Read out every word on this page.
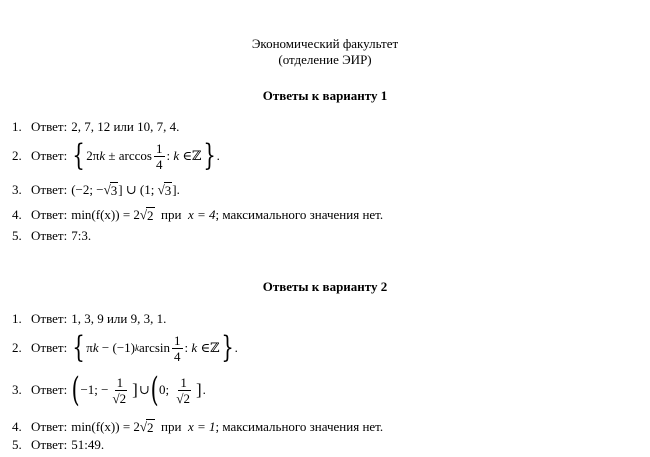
Экономический факультет
(отделение ЭИР)
Ответы к варианту 1
1. Ответ: 2, 7, 12 или 10, 7, 4.
2. Ответ: { 2 π $k \pm \arccos \frac{1}{4}$ :
k
∈ ℤ } .
3. Ответ: (−2; − √ 3 ] ∪ (1; √ 3 ].
4. Ответ: min(f(x)) = 2 √ 2
при
x = 4 ; максимального значения нет.
5. Ответ: 7:3.
Ответы к варианту 2
1. Ответ: 1, 3, 9 или 9, 3, 1.
2. Ответ: { π k − (−1) k $\arcsin \frac{1}{4}$ :
k
∈ ℤ } .
3. Ответ: ( −1; − $\frac{1}{√2}$ ] ∪ ( 0; $\frac{1}{√2}$ ] .
4. Ответ: min(f(x)) = 2 √ 2
при
x = 1 ; максимального значения нет.
5. Ответ: 51:49.
